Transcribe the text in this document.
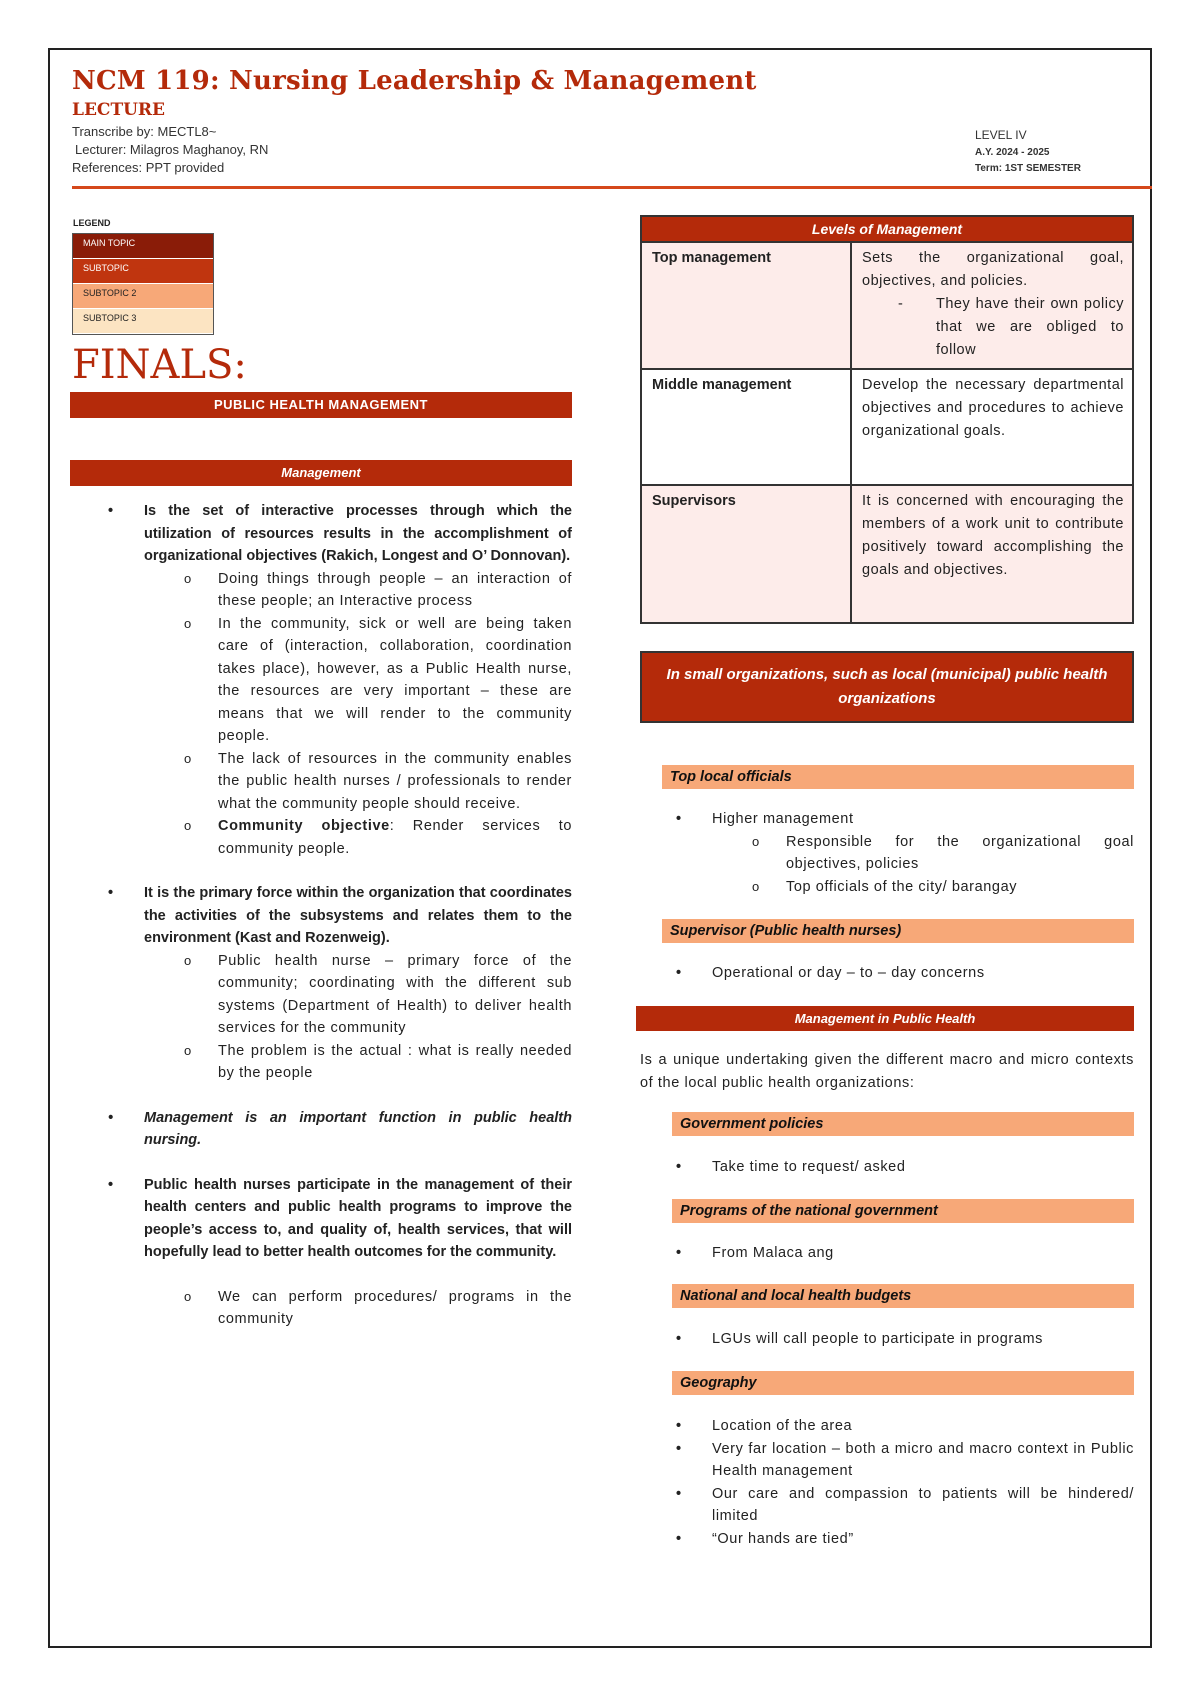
NCM 119: Nursing Leadership & Management
LECTURE
Transcribe by: MECTL8~
Lecturer: Milagros Maghanoy, RN
References: PPT provided
LEVEL IV
A.Y. 2024 - 2025
Term: 1ST SEMESTER
LEGEND
MAIN TOPIC
SUBTOPIC
SUBTOPIC 2
SUBTOPIC 3
FINALS:
PUBLIC HEALTH MANAGEMENT
Management
• Is the set of interactive processes through which the utilization of resources results in the accomplishment of organizational objectives (Rakich, Longest and O’ Donnovan).
o Doing things through people – an interaction of these people; an Interactive process
o In the community, sick or well are being taken care of (interaction, collaboration, coordination takes place), however, as a Public Health nurse, the resources are very important – these are means that we will render to the community people.
o The lack of resources in the community enables the public health nurses / professionals to render what the community people should receive.
o Community objective: Render services to community people.
• It is the primary force within the organization that coordinates the activities of the subsystems and relates them to the environment (Kast and Rozenweig).
o Public health nurse – primary force of the community; coordinating with the different sub systems (Department of Health) to deliver health services for the community
o The problem is the actual : what is really needed by the people
• Management is an important function in public health nursing.
• Public health nurses participate in the management of their health centers and public health programs to improve the people’s access to, and quality of, health services, that will hopefully lead to better health outcomes for the community.
o We can perform procedures/ programs in the community
Levels of Management	
Top management	Sets the organizational goal, objectives, and policies.
- They have their own policy that we are obliged to follow

Middle management	Develop the necessary departmental objectives and procedures to achieve organizational goals.

Supervisors	It is concerned with encouraging the members of a work unit to contribute positively toward accomplishing the goals and objectives.
In small organizations, such as local (municipal) public health organizations
Top local officials
• Higher management
o Responsible for the organizational goal objectives, policies
o Top officials of the city/ barangay
Supervisor (Public health nurses)
• Operational or day – to – day concerns
Management in Public Health
Is a unique undertaking given the different macro and micro contexts of the local public health organizations:
Government policies
• Take time to request/ asked
Programs of the national government
• From Malaca ang
National and local health budgets
• LGUs will call people to participate in programs
Geography
• Location of the area
• Very far location – both a micro and macro context in Public Health management
• Our care and compassion to patients will be hindered/ limited
• “Our hands are tied”
